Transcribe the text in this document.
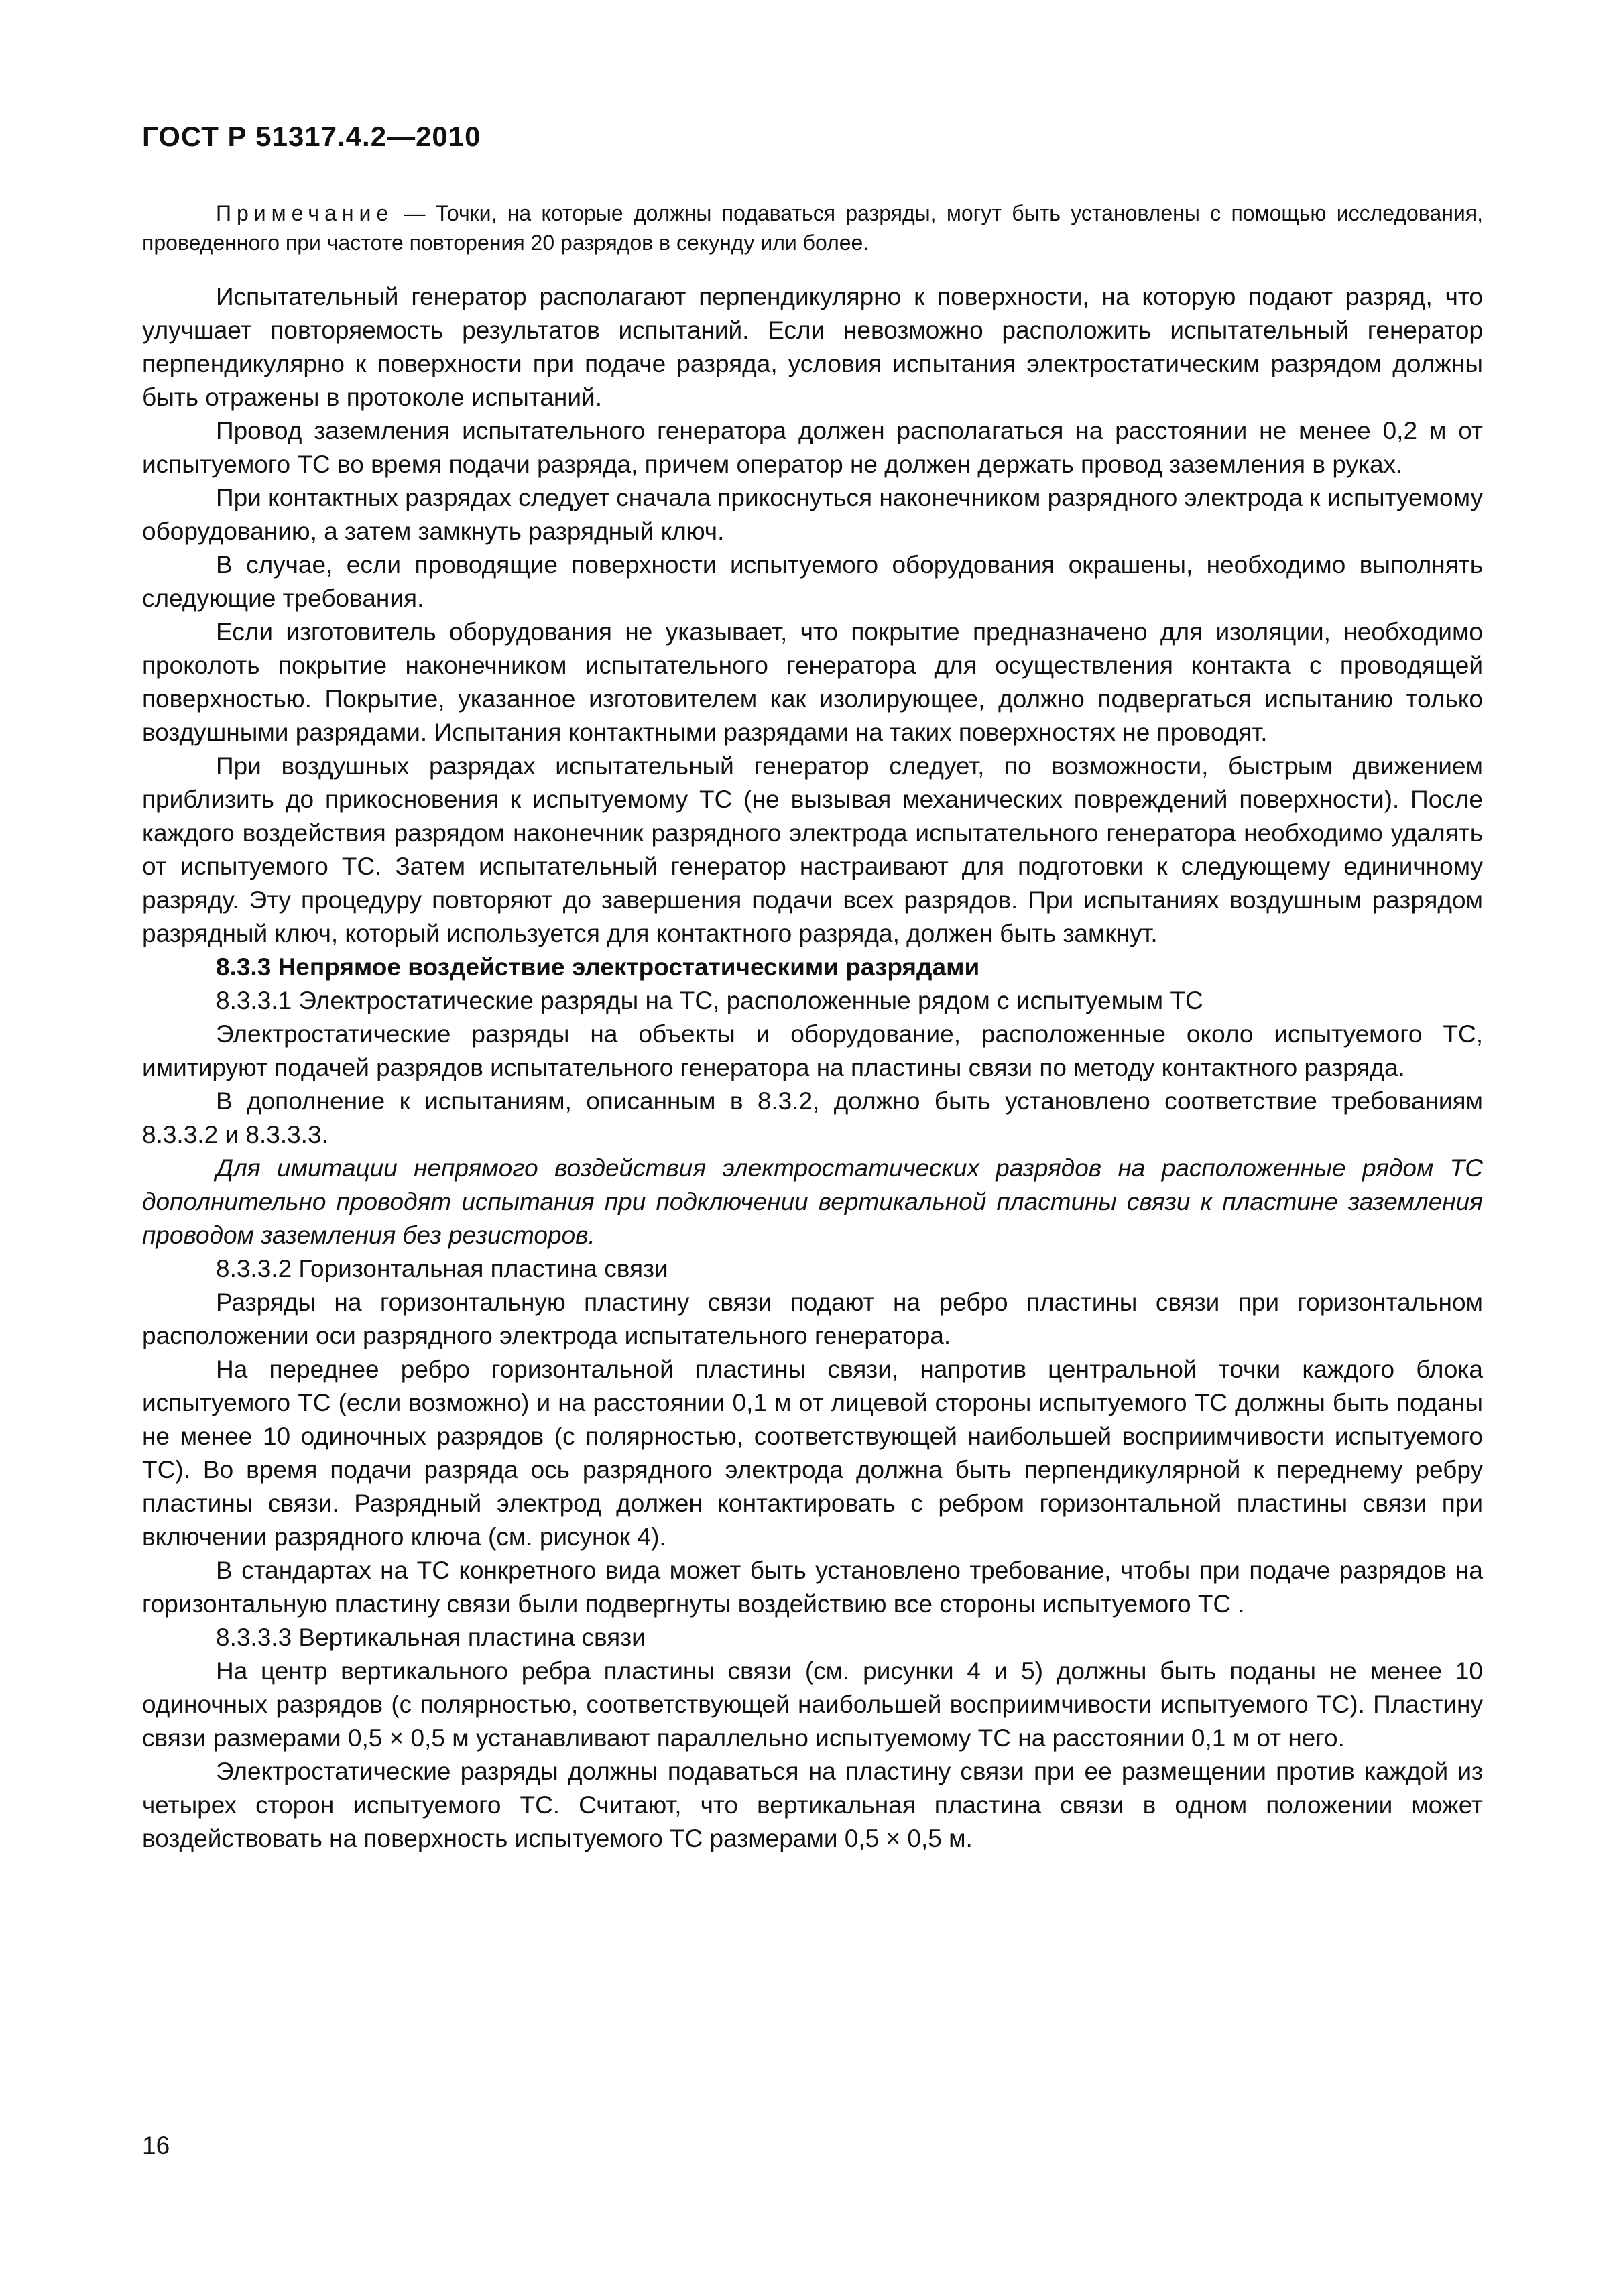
ГОСТ Р 51317.4.2—2010

Примечание — Точки, на которые должны подаваться разряды, могут быть установлены с помощью исследования, проведенного при частоте повторения 20 разрядов в секунду или более.

Испытательный генератор располагают перпендикулярно к поверхности, на которую подают разряд, что улучшает повторяемость результатов испытаний. Если невозможно расположить испытательный генератор перпендикулярно к поверхности при подаче разряда, условия испытания электростатическим разрядом должны быть отражены в протоколе испытаний.

Провод заземления испытательного генератора должен располагаться на расстоянии не менее 0,2 м от испытуемого ТС во время подачи разряда, причем оператор не должен держать провод заземления в руках.

При контактных разрядах следует сначала прикоснуться наконечником разрядного электрода к испытуемому оборудованию, а затем замкнуть разрядный ключ.

В случае, если проводящие поверхности испытуемого оборудования окрашены, необходимо выполнять следующие требования.

Если изготовитель оборудования не указывает, что покрытие предназначено для изоляции, необходимо проколоть покрытие наконечником испытательного генератора для осуществления контакта с проводящей поверхностью. Покрытие, указанное изготовителем как изолирующее, должно подвергаться испытанию только воздушными разрядами. Испытания контактными разрядами на таких поверхностях не проводят.

При воздушных разрядах испытательный генератор следует, по возможности, быстрым движением приблизить до прикосновения к испытуемому ТС (не вызывая механических повреждений поверхности). После каждого воздействия разрядом наконечник разрядного электрода испытательного генератора необходимо удалять от испытуемого ТС. Затем испытательный генератор настраивают для подготовки к следующему единичному разряду. Эту процедуру повторяют до завершения подачи всех разрядов. При испытаниях воздушным разрядом разрядный ключ, который используется для контактного разряда, должен быть замкнут.

8.3.3 Непрямое воздействие электростатическими разрядами

8.3.3.1 Электростатические разряды на ТС, расположенные рядом с испытуемым ТС

Электростатические разряды на объекты и оборудование, расположенные около испытуемого ТС, имитируют подачей разрядов испытательного генератора на пластины связи по методу контактного разряда.

В дополнение к испытаниям, описанным в 8.3.2, должно быть установлено соответствие требованиям 8.3.3.2 и 8.3.3.3.

Для имитации непрямого воздействия электростатических разрядов на расположенные рядом ТС дополнительно проводят испытания при подключении вертикальной пластины связи к пластине заземления проводом заземления без резисторов.

8.3.3.2 Горизонтальная пластина связи

Разряды на горизонтальную пластину связи подают на ребро пластины связи при горизонтальном расположении оси разрядного электрода испытательного генератора.

На переднее ребро горизонтальной пластины связи, напротив центральной точки каждого блока испытуемого ТС (если возможно) и на расстоянии 0,1 м от лицевой стороны испытуемого ТС должны быть поданы не менее 10 одиночных разрядов (с полярностью, соответствующей наибольшей восприимчивости испытуемого ТС). Во время подачи разряда ось разрядного электрода должна быть перпендикулярной к переднему ребру пластины связи. Разрядный электрод должен контактировать с ребром горизонтальной пластины связи при включении разрядного ключа (см. рисунок 4).

В стандартах на ТС конкретного вида может быть установлено требование, чтобы при подаче разрядов на горизонтальную пластину связи были подвергнуты воздействию все стороны испытуемого ТС .

8.3.3.3 Вертикальная пластина связи

На центр вертикального ребра пластины связи (см. рисунки 4 и 5) должны быть поданы не менее 10 одиночных разрядов (с полярностью, соответствующей наибольшей восприимчивости испытуемого ТС). Пластину связи размерами 0,5 × 0,5 м устанавливают параллельно испытуемому ТС на расстоянии 0,1 м от него.

Электростатические разряды должны подаваться на пластину связи при ее размещении против каждой из четырех сторон испытуемого ТС. Считают, что вертикальная пластина связи в одном положении может воздействовать на поверхность испытуемого ТС размерами 0,5 × 0,5 м.

16
